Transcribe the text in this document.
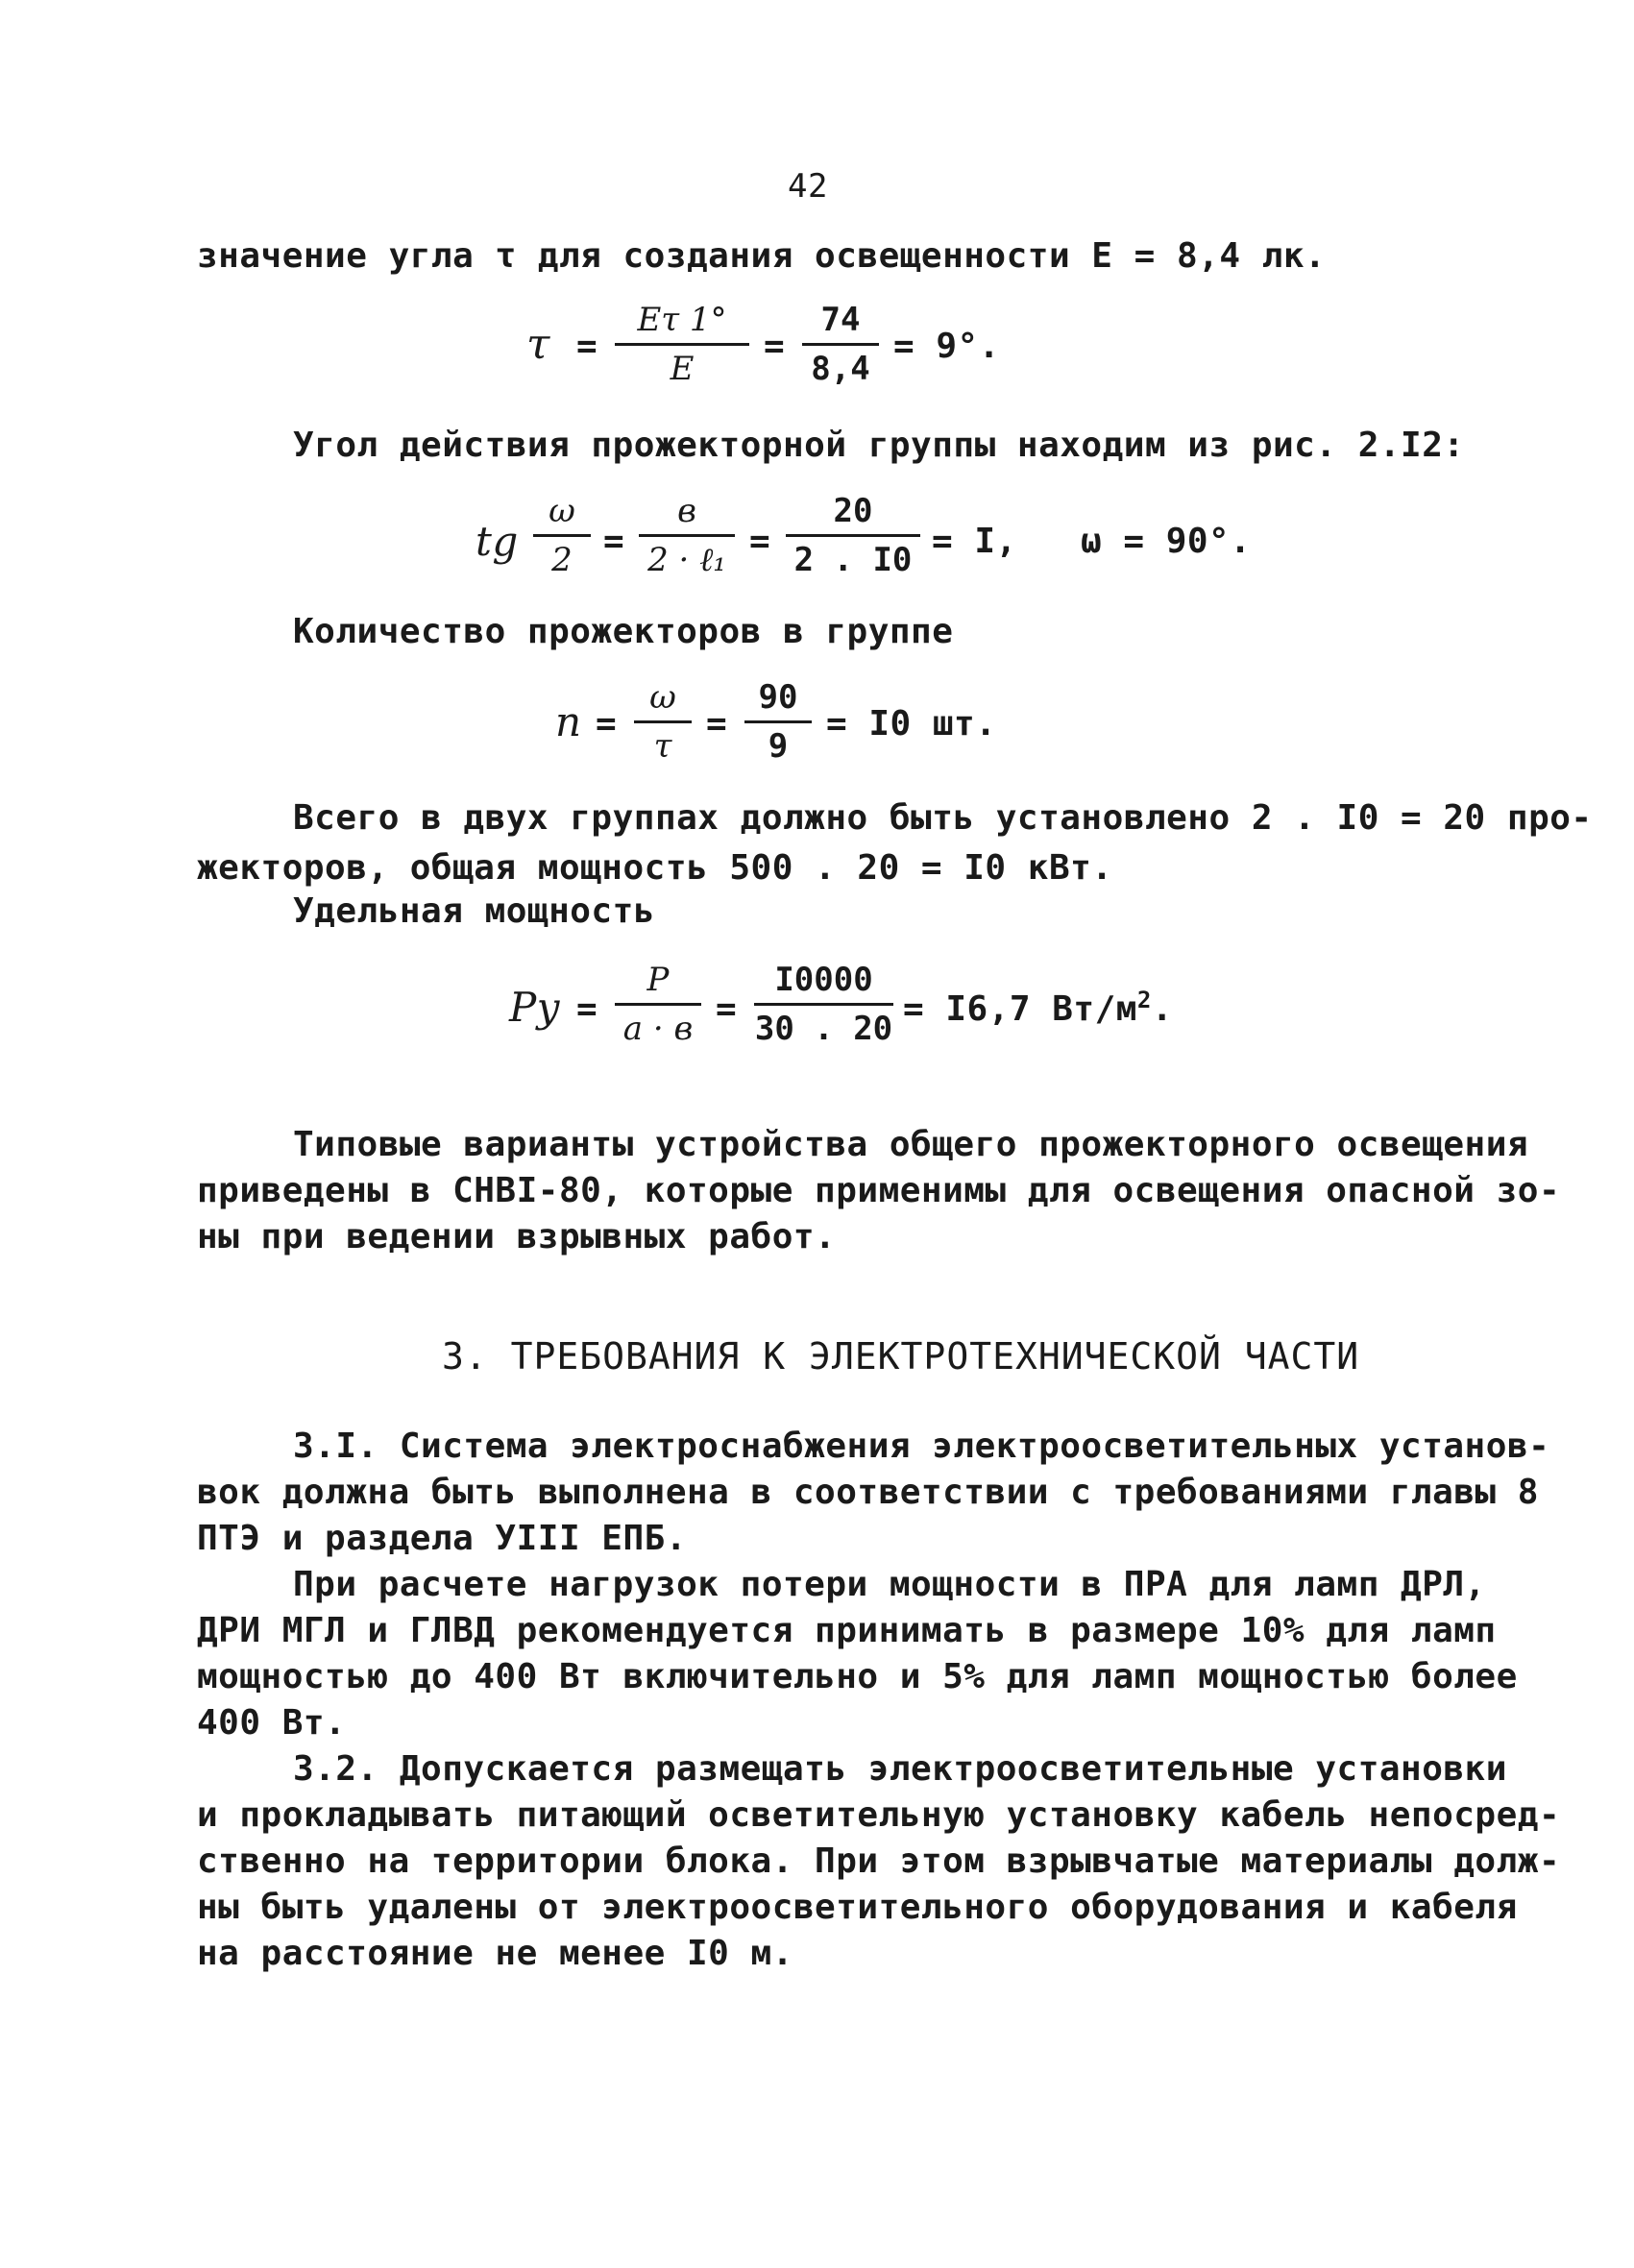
42
значение угла τ для создания освещенности E = 8,4 лк.
τ =
Eτ 1°
E
=
74
8,4
= 9°.
Угол действия прожекторной группы находим из рис. 2.I2:
tg
ω
2 =
в
2 · ℓ₁ =
20
2 . I0 = I, ω = 90°.
Количество прожекторов в группе
n =
ω
τ
=
90
9
= I0 шт.
Всего в двух группах должно быть установлено 2 . I0 = 20 про-
жекторов, общая мощность 500 . 20 = I0 кВт.
Удельная мощность
Pу =
P
a · в =
I0000
30 . 20 = I6,7 $Вт/м^2$.
Типовые варианты устройства общего прожекторного освещения
приведены в СНВI-80, которые применимы для освещения опасной зо-
ны при ведении взрывных работ.
3. ТРЕБОВАНИЯ К ЭЛЕКТРОТЕХНИЧЕСКОЙ ЧАСТИ
3.I. Система электроснабжения электроосветительных установ-
вок должна быть выполнена в соответствии с требованиями главы 8
ПТЭ и раздела УIII ЕПБ.
При расчете нагрузок потери мощности в ПРА для ламп ДРЛ,
ДРИ МГЛ и ГЛВД рекомендуется принимать в размере 10% для ламп
мощностью до 400 Вт включительно и 5% для ламп мощностью более
400 Вт.
3.2. Допускается размещать электроосветительные установки
и прокладывать питающий осветительную установку кабель непосред-
ственно на территории блока. При этом взрывчатые материалы долж-
ны быть удалены от электроосветительного оборудования и кабеля
на расстояние не менее I0 м.
